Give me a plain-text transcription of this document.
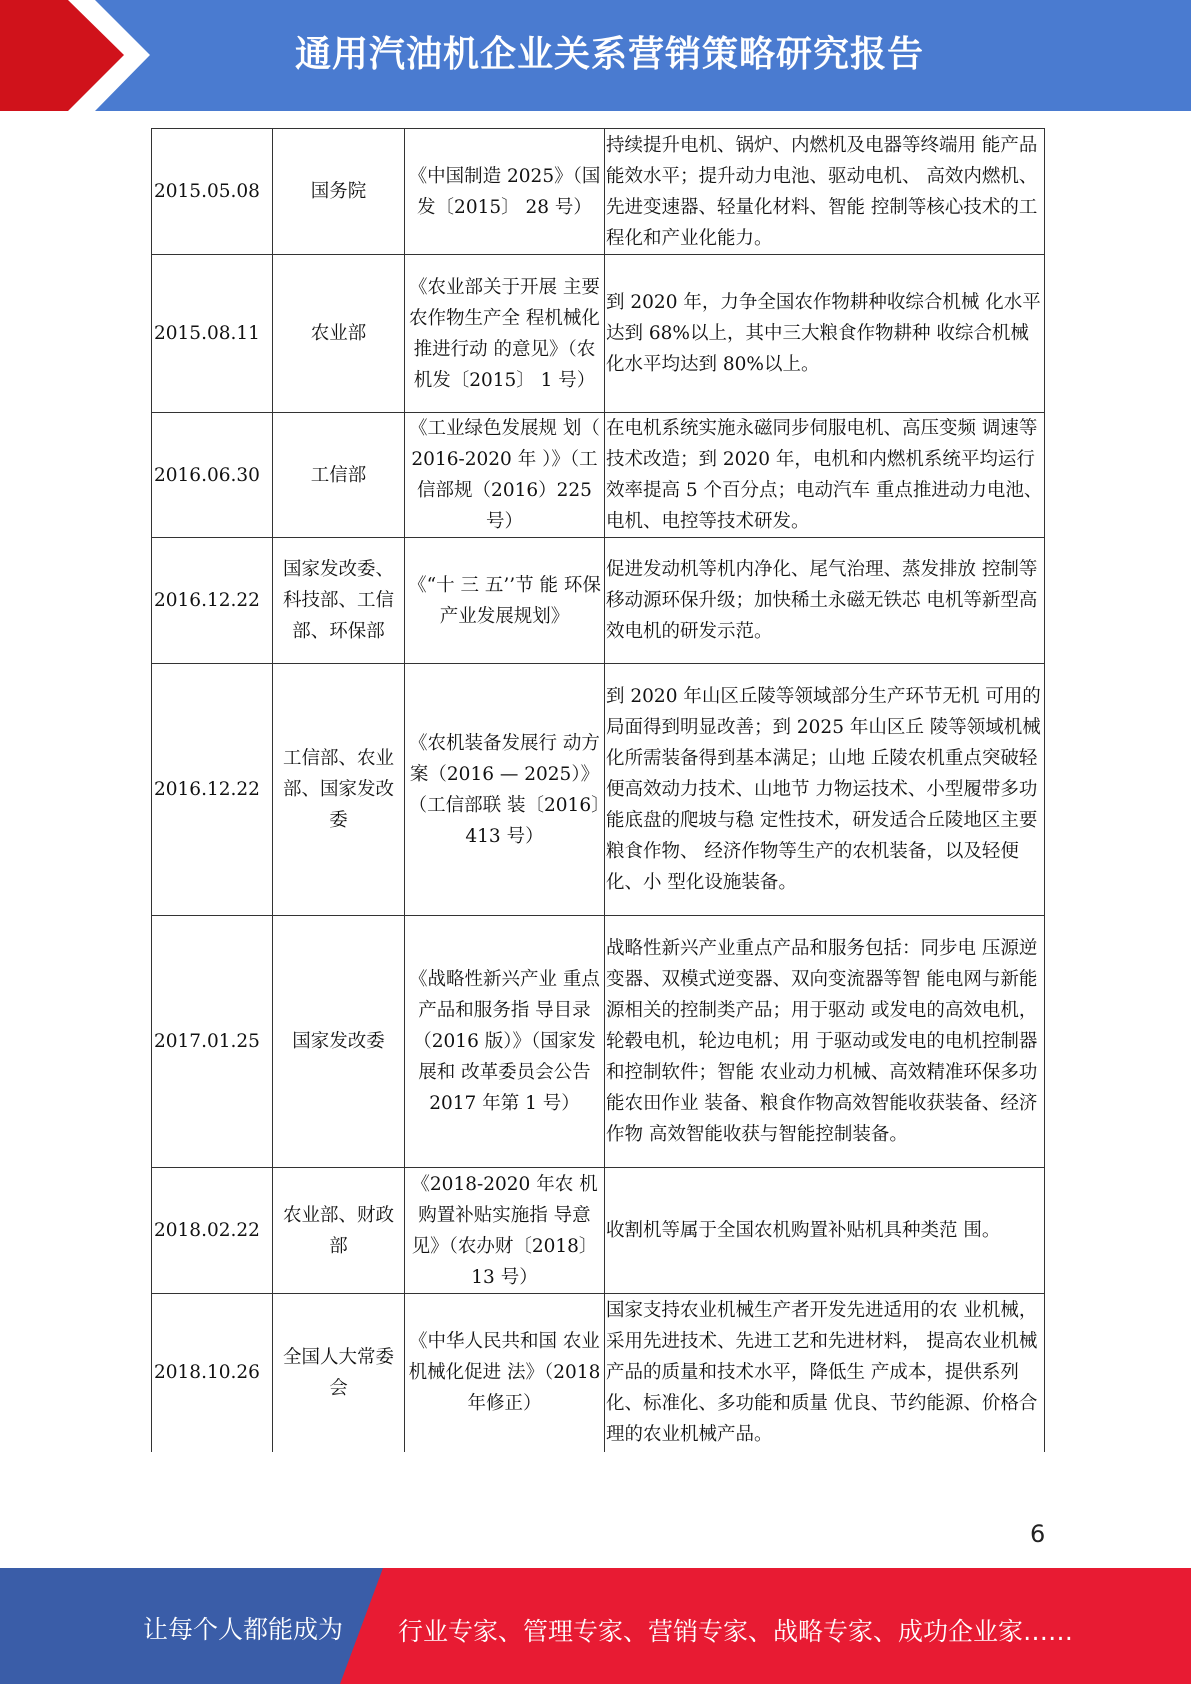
通用汽油机企业关系营销策略研究报告
2015.05.08	国务院	《中国制造 2025》（国发〔2015〕 28 号）	持续提升电机、锅炉、内燃机及电器等终端用 能产品能效水平；提升动力电池、驱动电机、 高效内燃机、先进变速器、轻量化材料、智能 控制等核心技术的工程化和产业化能力。
2015.08.11	农业部	《农业部关于开展 主要农作物生产全 程机械化推进行动 的意见》（农机发〔2015〕 1 号）	到 2020 年，力争全国农作物耕种收综合机械 化水平达到 68%以上，其中三大粮食作物耕种 收综合机械化水平均达到 80%以上。
2016.06.30	工信部	《工业绿色发展规 划（ 2016-2020 年 ）》（工信部规（2016）225 号）	在电机系统实施永磁同步伺服电机、高压变频 调速等技术改造；到 2020 年，电机和内燃机系统平均运行效率提高 5 个百分点；电动汽车 重点推进动力电池、电机、电控等技术研发。
2016.12.22	国家发改委、科技部、工信部、环保部	《“十 三 五’’节 能 环保产业发展规划》	促进发动机等机内净化、尾气治理、蒸发排放 控制等移动源环保升级；加快稀土永磁无铁芯 电机等新型高效电机的研发示范。
2016.12.22	工信部、农业部、国家发改委	《农机装备发展行 动方案（2016 — 2025）》（工信部联 装〔2016〕413 号）	到 2020 年山区丘陵等领域部分生产环节无机 可用的局面得到明显改善；到 2025 年山区丘 陵等领域机械化所需装备得到基本满足；山地 丘陵农机重点突破轻便高效动力技术、山地节 力物运技术、小型履带多功能底盘的爬坡与稳 定性技术，研发适合丘陵地区主要粮食作物、 经济作物等生产的农机装备，以及轻便化、小 型化设施装备。
2017.01.25	国家发改委	《战略性新兴产业 重点产品和服务指 导目录（2016 版）》（国家发展和 改革委员会公告 2017 年第 1 号）	战略性新兴产业重点产品和服务包括：同步电 压源逆变器、双模式逆变器、双向变流器等智 能电网与新能源相关的控制类产品；用于驱动 或发电的高效电机，轮毂电机，轮边电机；用 于驱动或发电的电机控制器和控制软件；智能 农业动力机械、高效精准环保多功能农田作业 装备、粮食作物高效智能收获装备、经济作物 高效智能收获与智能控制装备。
2018.02.22	农业部、财政部	《2018-2020 年农 机购置补贴实施指 导意见》（农办财〔2018〕 13 号）	收割机等属于全国农机购置补贴机具种类范 围。
2018.10.26	全国人大常委会	《中华人民共和国 农业机械化促进 法》（2018 年修正）	国家支持农业机械生产者开发先进适用的农 业机械，采用先进技术、先进工艺和先进材料， 提高农业机械产品的质量和技术水平，降低生 产成本，提供系列化、标准化、多功能和质量 优良、节约能源、价格合理的农业机械产品。
6
让每个人都能成为 行业专家、管理专家、营销专家、战略专家、成功企业家……
